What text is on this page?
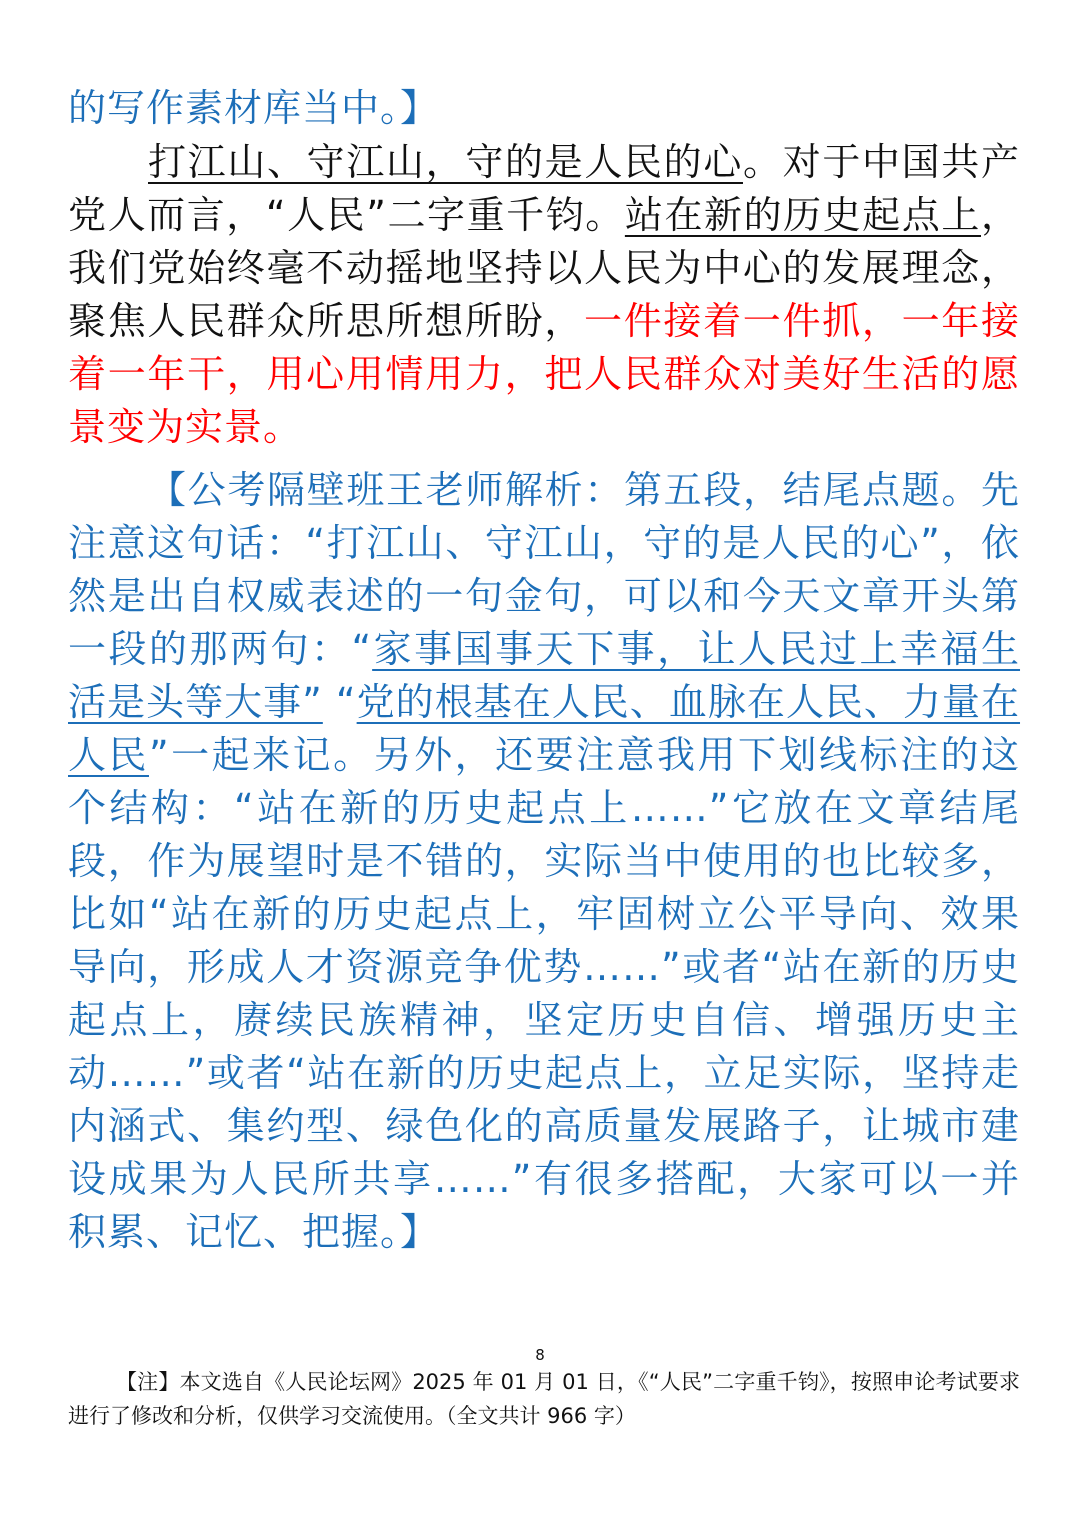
的写作素材库当中。】

打江山、守江山，守的是人民的心。对于中国共产党人而言，“人民”二字重千钧。站在新的历史起点上，我们党始终毫不动摇地坚持以人民为中心的发展理念，聚焦人民群众所思所想所盼，一件接着一件抓，一年接着一年干，用心用情用力，把人民群众对美好生活的愿景变为实景。

【公考隔壁班王老师解析：第五段，结尾点题。先注意这句话：“打江山、守江山，守的是人民的心”，依然是出自权威表述的一句金句，可以和今天文章开头第一段的那两句：“家事国事天下事，让人民过上幸福生活是头等大事” “党的根基在人民、血脉在人民、力量在人民”一起来记。另外，还要注意我用下划线标注的这个结构：“站在新的历史起点上……”它放在文章结尾段，作为展望时是不错的，实际当中使用的也比较多，比如“站在新的历史起点上，牢固树立公平导向、效果导向，形成人才资源竞争优势……”或者“站在新的历史起点上，赓续民族精神，坚定历史自信、增强历史主动……”或者“站在新的历史起点上，立足实际，坚持走内涵式、集约型、绿色化的高质量发展路子，让城市建设成果为人民所共享……”有很多搭配，大家可以一并积累、记忆、把握。】

8

【注】本文选自《人民论坛网》2025 年 01 月 01 日，《“人民”二字重千钧》，按照申论考试要求进行了修改和分析，仅供学习交流使用。（全文共计 966 字）
